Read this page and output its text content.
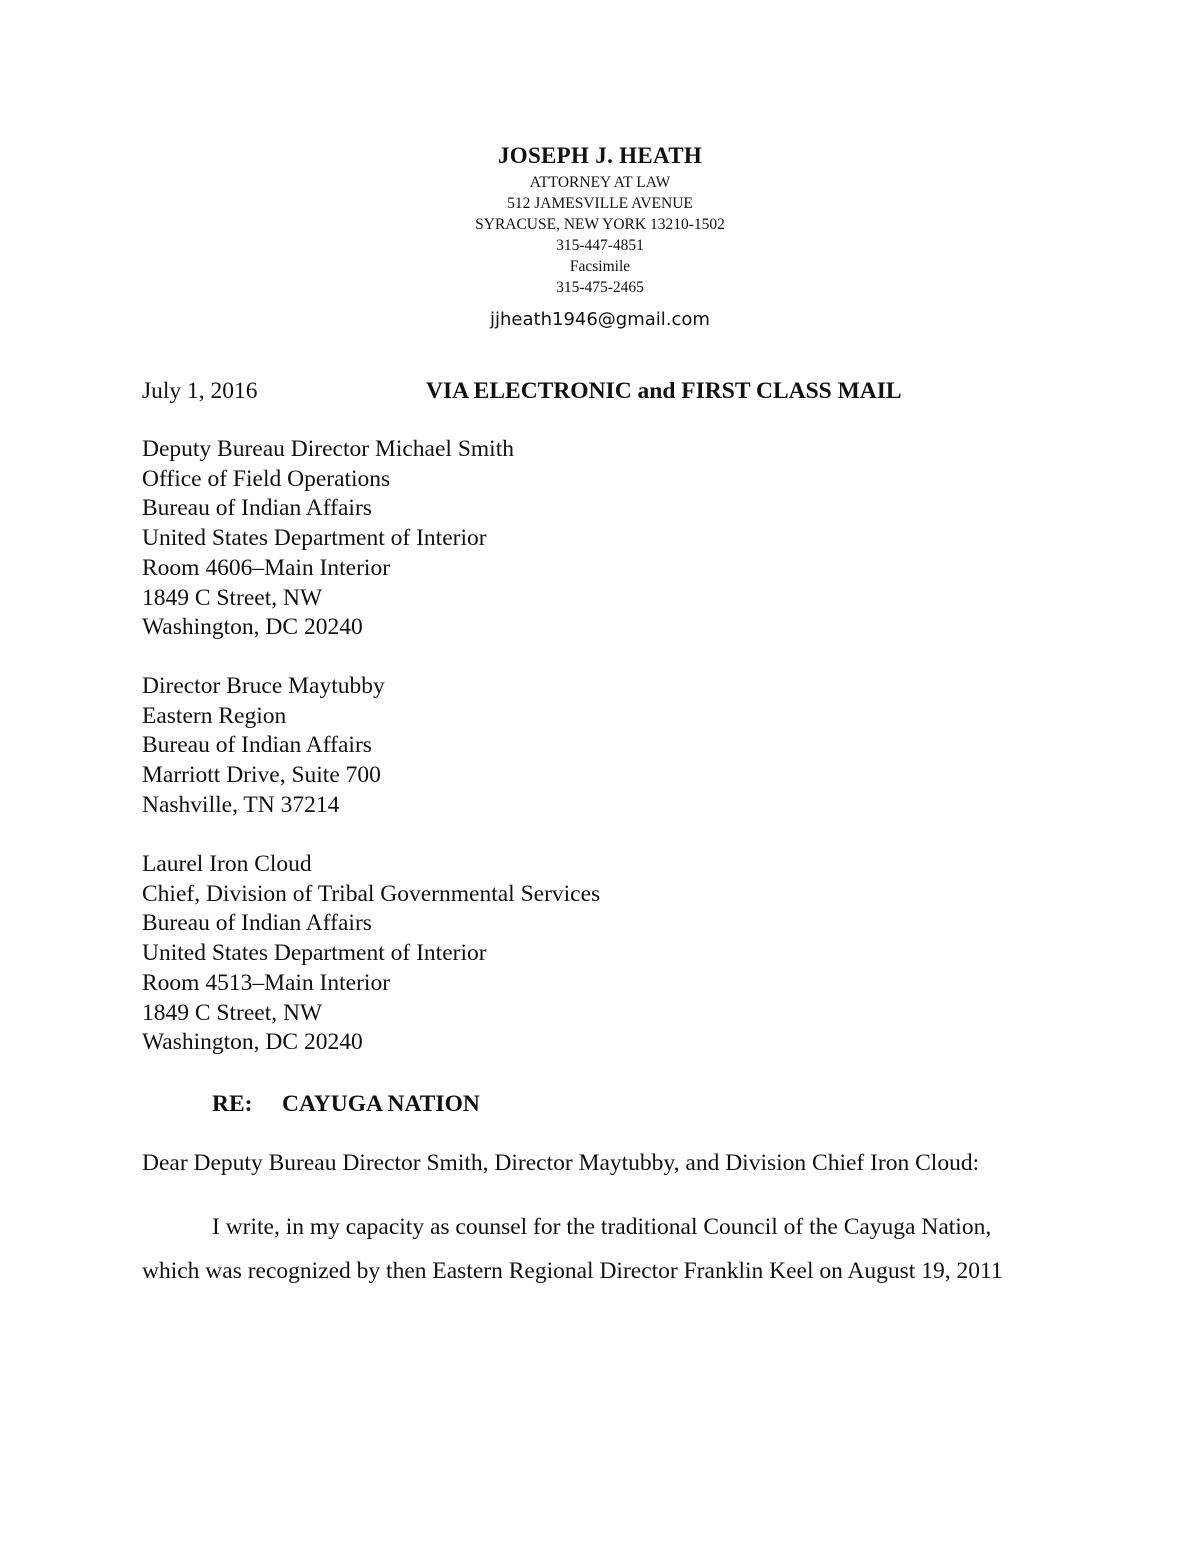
JOSEPH J. HEATH
ATTORNEY AT LAW
512 JAMESVILLE AVENUE
SYRACUSE, NEW YORK 13210-1502
315-447-4851
Facsimile
315-475-2465
jjheath1946@gmail.com
July 1, 2016	VIA ELECTRONIC and FIRST CLASS MAIL
Deputy Bureau Director Michael Smith
Office of Field Operations
Bureau of Indian Affairs
United States Department of Interior
Room 4606–Main Interior
1849 C Street, NW
Washington, DC 20240
Director Bruce Maytubby
Eastern Region
Bureau of Indian Affairs
Marriott Drive, Suite 700
Nashville, TN 37214
Laurel Iron Cloud
Chief, Division of Tribal Governmental Services
Bureau of Indian Affairs
United States Department of Interior
Room 4513–Main Interior
1849 C Street, NW
Washington, DC 20240
RE: CAYUGA NATION
Dear Deputy Bureau Director Smith, Director Maytubby, and Division Chief Iron Cloud:
I write, in my capacity as counsel for the traditional Council of the Cayuga Nation,
which was recognized by then Eastern Regional Director Franklin Keel on August 19, 2011
